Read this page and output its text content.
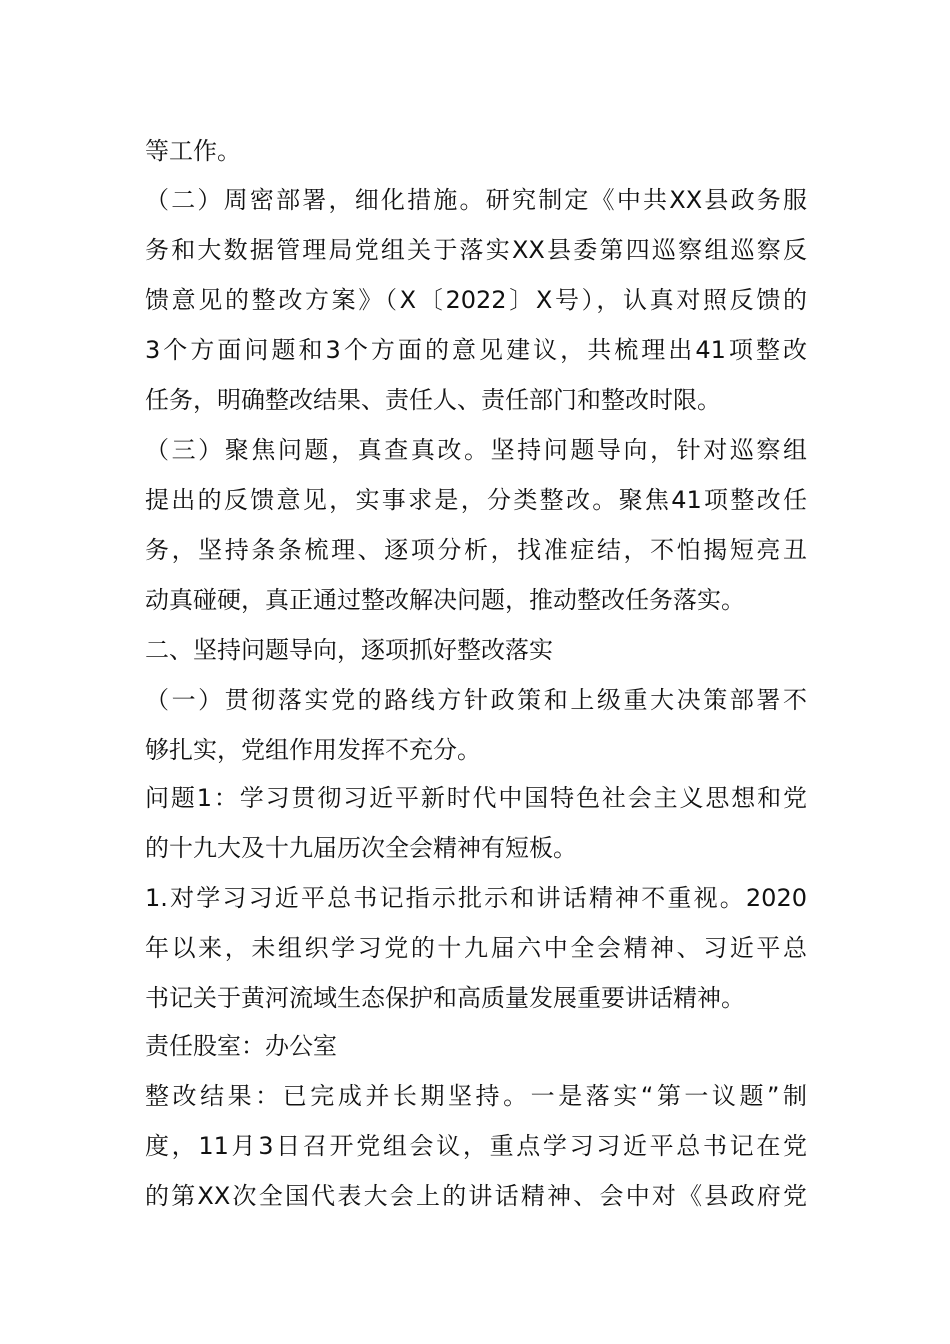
等工作。
（二）周密部署，细化措施。研究制定《中共XX县政务服
务和大数据管理局党组关于落实XX县委第四巡察组巡察反
馈意见的整改方案》（X〔2022〕X号），认真对照反馈的
3个方面问题和3个方面的意见建议，共梳理出41项整改
任务，明确整改结果、责任人、责任部门和整改时限。
（三）聚焦问题，真查真改。坚持问题导向，针对巡察组
提出的反馈意见，实事求是，分类整改。聚焦41项整改任
务，坚持条条梳理、逐项分析，找准症结，不怕揭短亮丑
动真碰硬，真正通过整改解决问题，推动整改任务落实。
二、坚持问题导向，逐项抓好整改落实
（一）贯彻落实党的路线方针政策和上级重大决策部署不
够扎实，党组作用发挥不充分。
问题1：学习贯彻习近平新时代中国特色社会主义思想和党
的十九大及十九届历次全会精神有短板。
1.对学习习近平总书记指示批示和讲话精神不重视。2020
年以来，未组织学习党的十九届六中全会精神、习近平总
书记关于黄河流域生态保护和高质量发展重要讲话精神。
责任股室：办公室
整改结果：已完成并长期坚持。一是落实“第一议题”制
度，11月3日召开党组会议，重点学习习近平总书记在党
的第XX次全国代表大会上的讲话精神、会中对《县政府党
